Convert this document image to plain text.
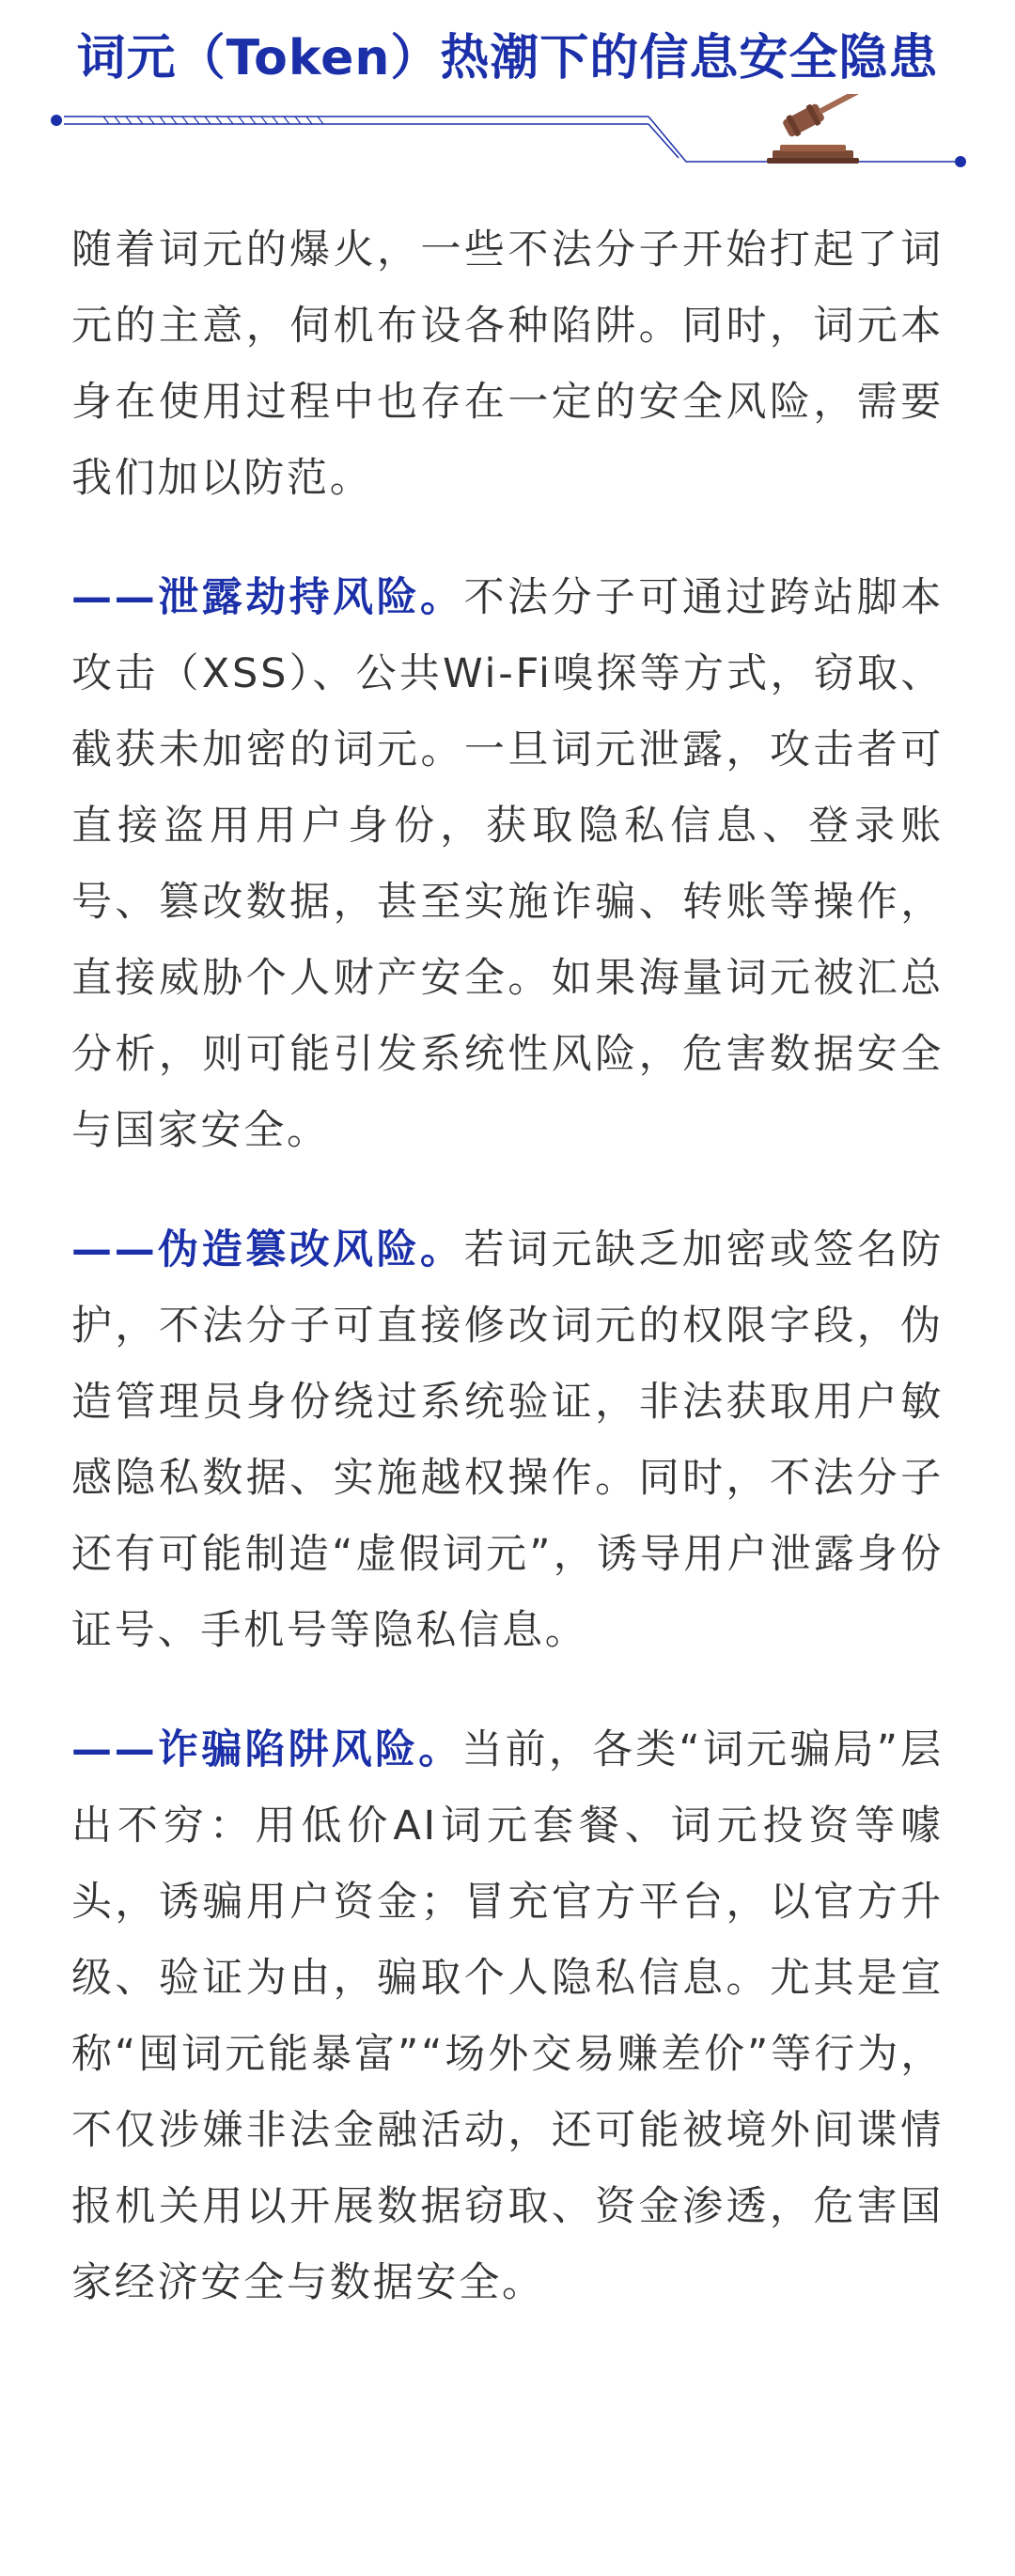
词元（Token）热潮下的信息安全隐患

随着词元的爆火，一些不法分子开始打起了词元的主意，伺机布设各种陷阱。同时，词元本身在使用过程中也存在一定的安全风险，需要我们加以防范。

——泄露劫持风险。不法分子可通过跨站脚本攻击（XSS）、公共Wi-Fi嗅探等方式，窃取、截获未加密的词元。一旦词元泄露，攻击者可直接盗用用户身份，获取隐私信息、登录账号、篡改数据，甚至实施诈骗、转账等操作，直接威胁个人财产安全。如果海量词元被汇总分析，则可能引发系统性风险，危害数据安全与国家安全。

——伪造篡改风险。若词元缺乏加密或签名防护，不法分子可直接修改词元的权限字段，伪造管理员身份绕过系统验证，非法获取用户敏感隐私数据、实施越权操作。同时，不法分子还有可能制造“虚假词元”，诱导用户泄露身份证号、手机号等隐私信息。

——诈骗陷阱风险。当前，各类“词元骗局”层出不穷：用低价AI词元套餐、词元投资等噱头，诱骗用户资金；冒充官方平台，以官方升级、验证为由，骗取个人隐私信息。尤其是宣称“囤词元能暴富”“场外交易赚差价”等行为，不仅涉嫌非法金融活动，还可能被境外间谍情报机关用以开展数据窃取、资金渗透，危害国家经济安全与数据安全。
